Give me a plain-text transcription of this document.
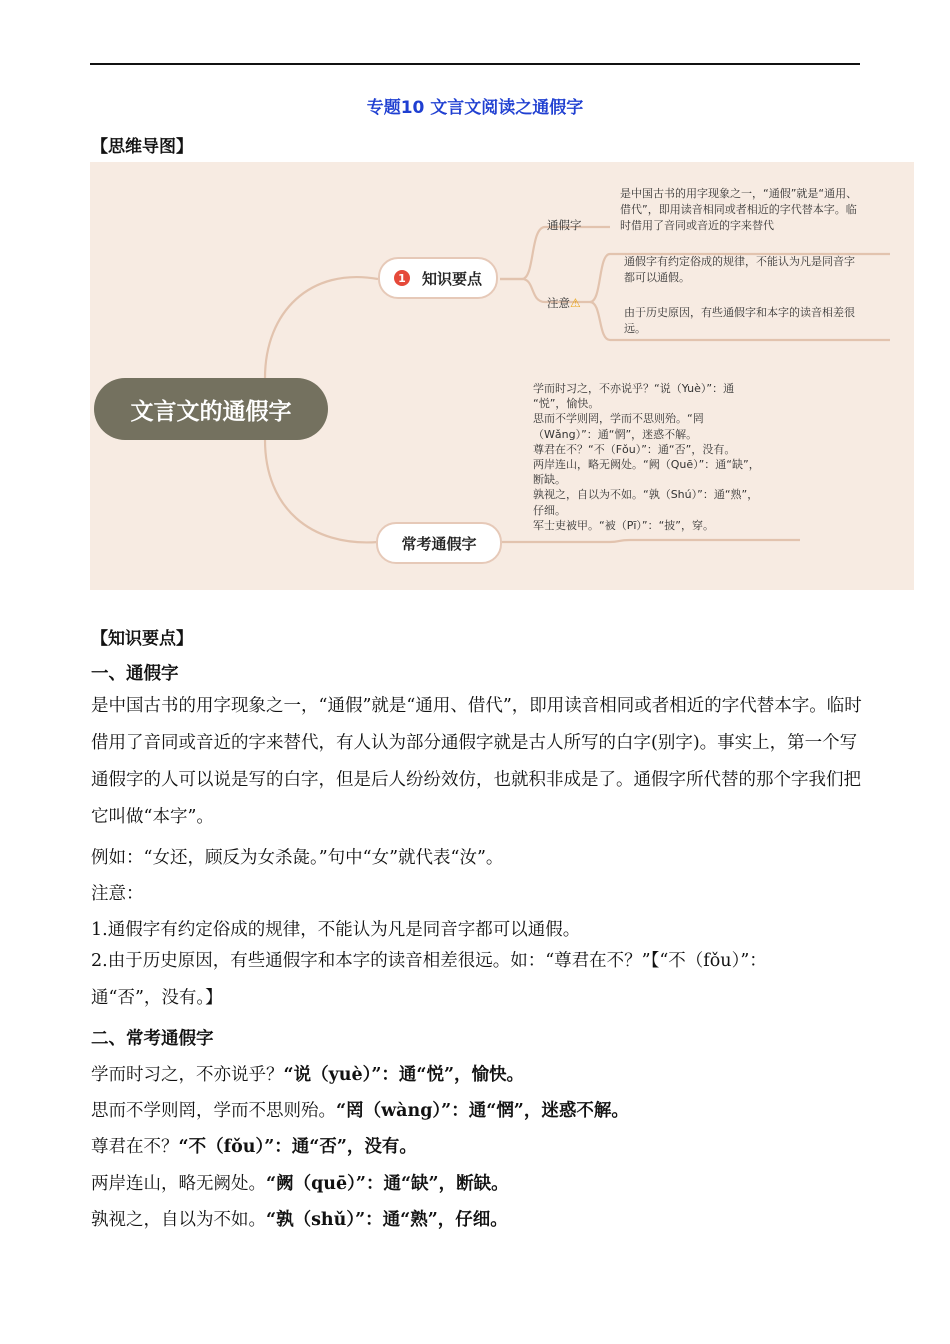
专题10 文言文阅读之通假字
【思维导图】
文言文的通假字
1 知识要点
常考通假字
通假字
是中国古书的用字现象之一，“通假”就是“通用、
借代”，即用读音相同或者相近的字代替本字。临
时借用了音同或音近的字来替代
注意⚠
通假字有约定俗成的规律，不能认为凡是同音字
都可以通假。
由于历史原因，有些通假字和本字的读音相差很
远。
学而时习之，不亦说乎？“说（Yuè）”：通
“悦”，愉快。
思而不学则罔，学而不思则殆。“罔
（Wǎng）”：通“惘”，迷惑不解。
尊君在不？“不（Fǒu）”：通“否”，没有。
两岸连山，略无阙处。“阙（Quē）”：通“缺”，
断缺。
孰视之，自以为不如。“孰（Shú）”：通“熟”，
仔细。
军士吏被甲。“被（Pī）”：“披”，穿。
【知识要点】
一、通假字
是中国古书的用字现象之一，“通假”就是“通用、借代”，即用读音相同或者相近的字代替本字。临时借用了音同或音近的字来替代，有人认为部分通假字就是古人所写的白字(别字)。事实上，第一个写通假字的人可以说是写的白字，但是后人纷纷效仿，也就积非成是了。通假字所代替的那个字我们把它叫做“本字”。
例如：“女还，顾反为女杀彘。”句中“女”就代表“汝”。
注意：
1.通假字有约定俗成的规律，不能认为凡是同音字都可以通假。
2.由于历史原因，有些通假字和本字的读音相差很远。如：“尊君在不？”【“不（fǒu）”：通“否”，没有。】
二、常考通假字
学而时习之，不亦说乎？“说（yuè）”：通“悦”，愉快。
思而不学则罔，学而不思则殆。“罔（wàng）”：通“惘”，迷惑不解。
尊君在不？“不（fǒu）”：通“否”，没有。
两岸连山，略无阙处。“阙（quē）”：通“缺”，断缺。
孰视之，自以为不如。“孰（shǔ）”：通“熟”，仔细。
